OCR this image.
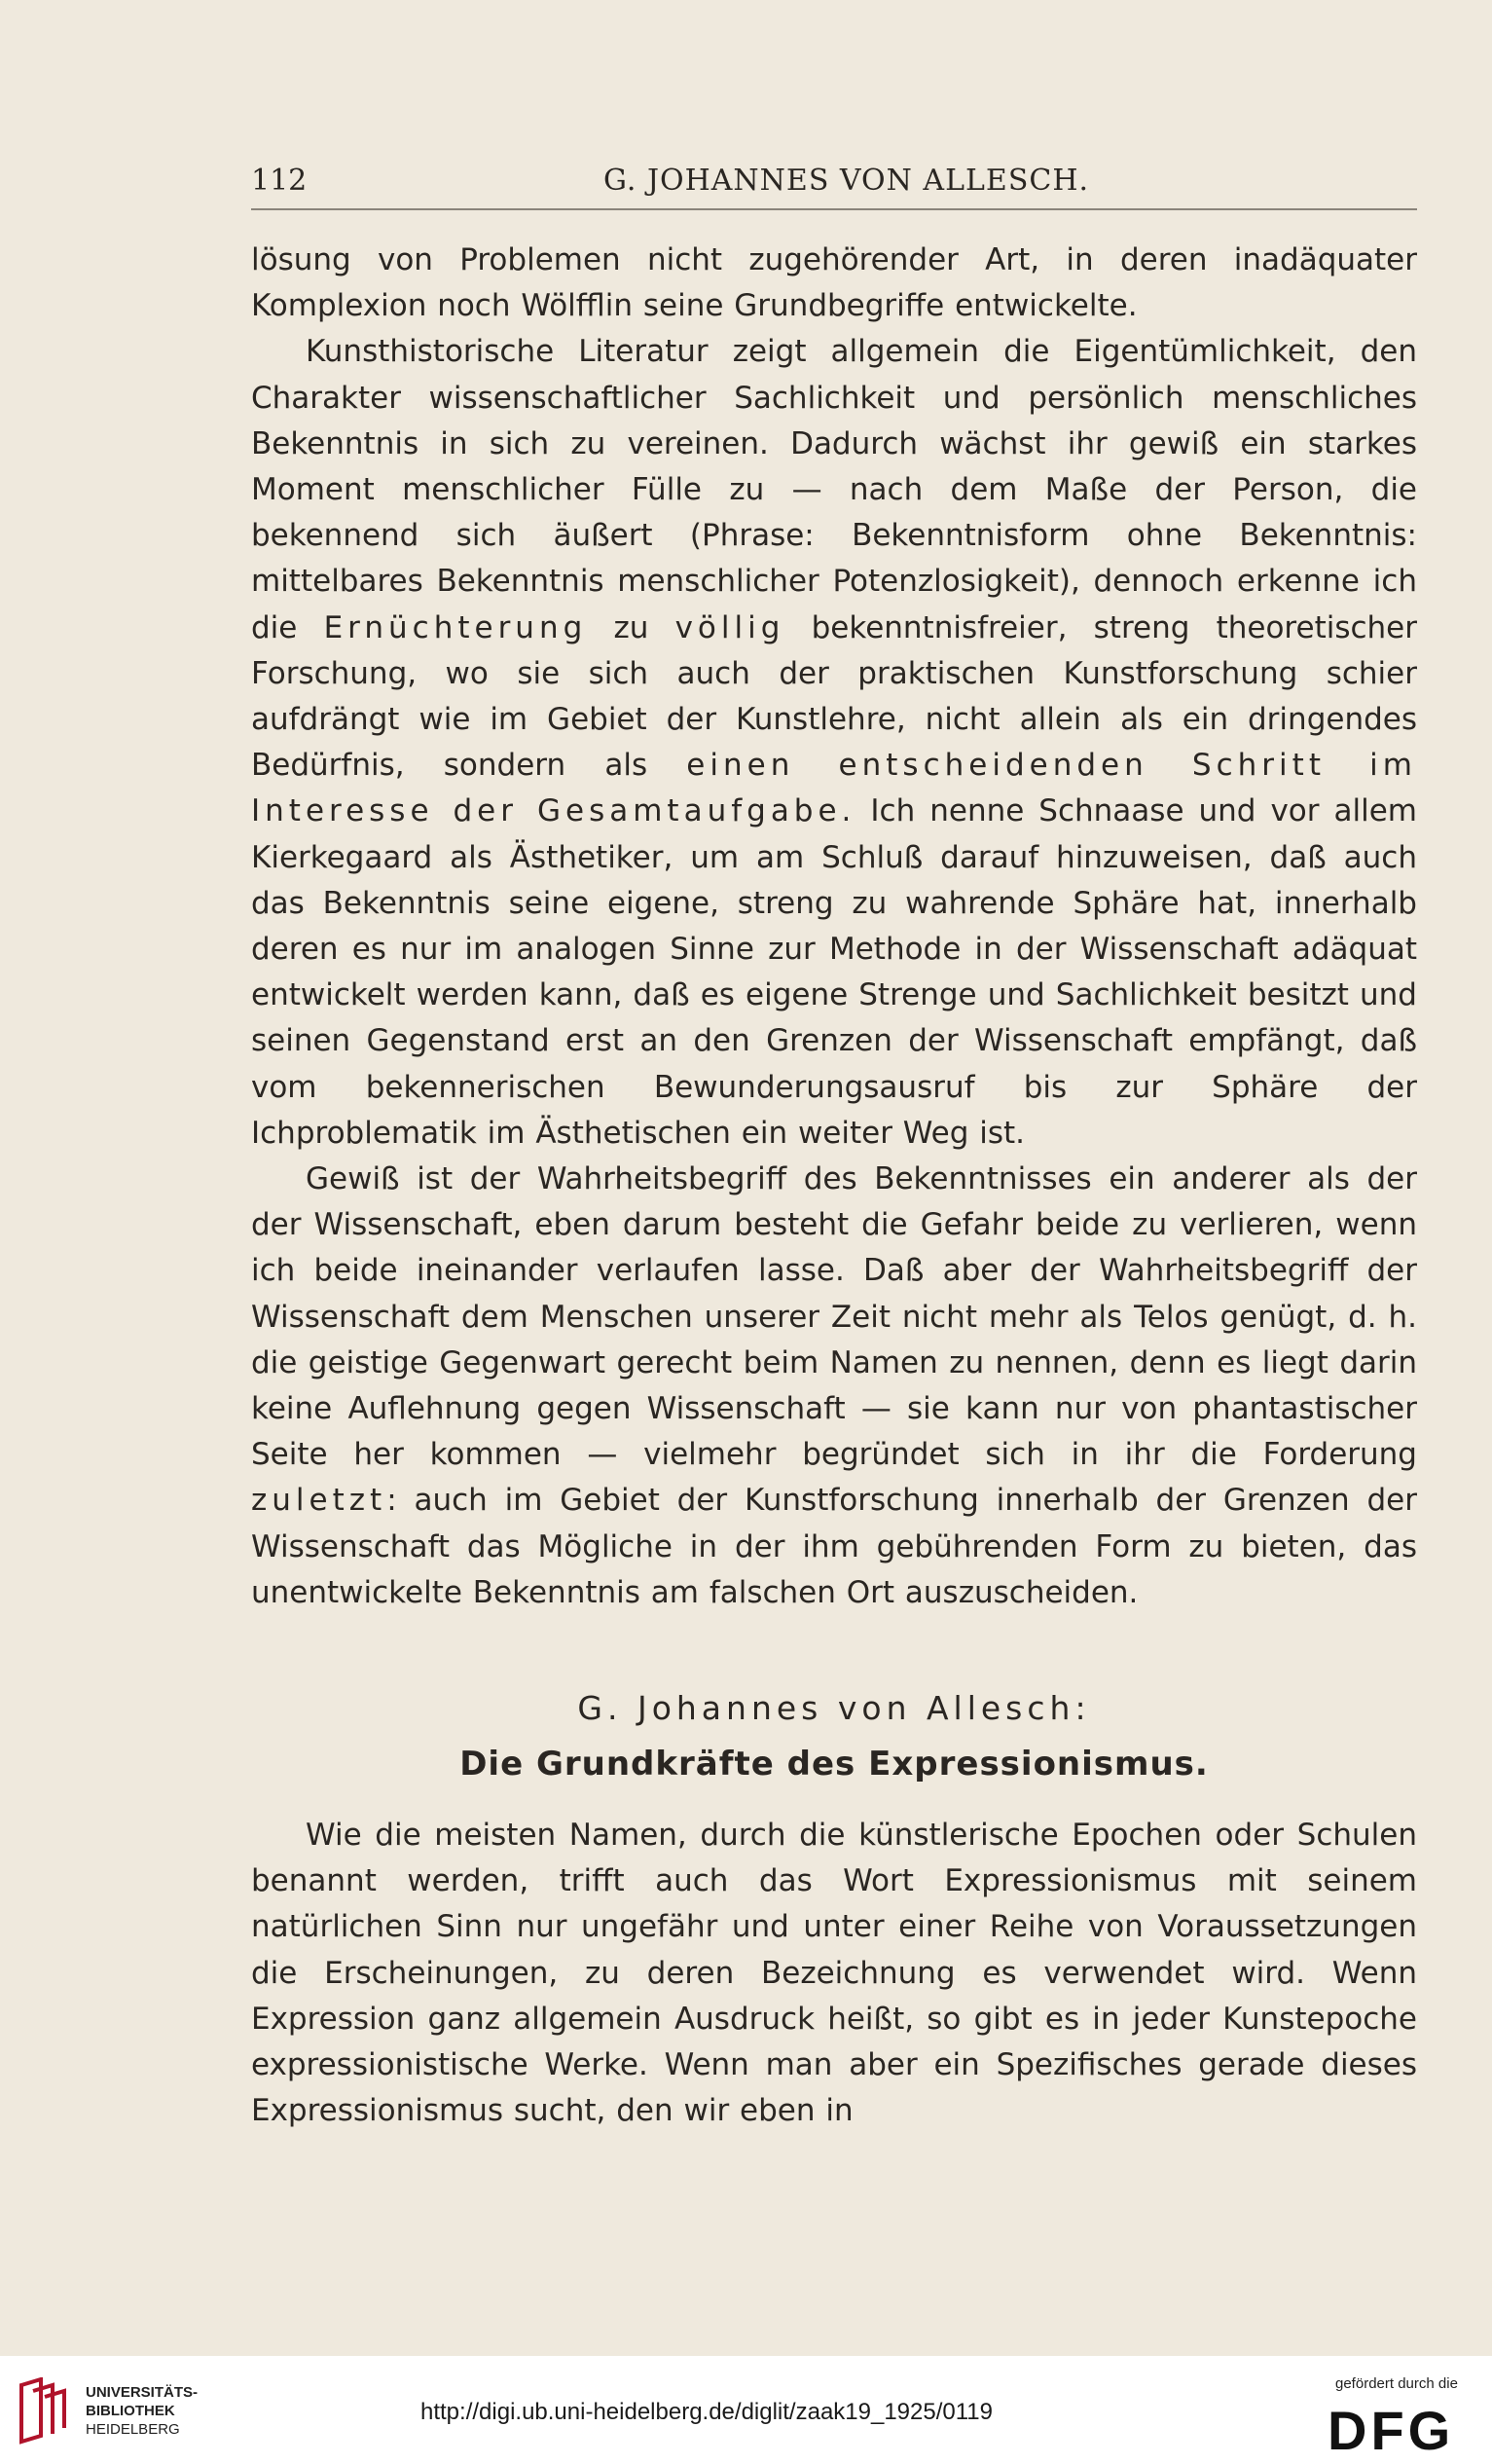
112	G. JOHANNES VON ALLESCH.

lösung von Problemen nicht zugehörender Art, in deren inadäquater Komplexion noch Wölfflin seine Grundbegriffe entwickelte.

Kunsthistorische Literatur zeigt allgemein die Eigentümlichkeit, den Charakter wissenschaftlicher Sachlichkeit und persönlich menschliches Bekenntnis in sich zu vereinen. Dadurch wächst ihr gewiß ein starkes Moment menschlicher Fülle zu — nach dem Maße der Person, die bekennend sich äußert (Phrase: Bekenntnisform ohne Bekenntnis: mittelbares Bekenntnis menschlicher Potenzlosigkeit), dennoch erkenne ich die Ernüchterung zu völlig bekenntnisfreier, streng theoretischer Forschung, wo sie sich auch der praktischen Kunstforschung schier aufdrängt wie im Gebiet der Kunstlehre, nicht allein als ein dringendes Bedürfnis, sondern als einen entscheidenden Schritt im Interesse der Gesamtaufgabe. Ich nenne Schnaase und vor allem Kierkegaard als Ästhetiker, um am Schluß darauf hinzuweisen, daß auch das Bekenntnis seine eigene, streng zu wahrende Sphäre hat, innerhalb deren es nur im analogen Sinne zur Methode in der Wissenschaft adäquat entwickelt werden kann, daß es eigene Strenge und Sachlichkeit besitzt und seinen Gegenstand erst an den Grenzen der Wissenschaft empfängt, daß vom bekennerischen Bewunderungsausruf bis zur Sphäre der Ichproblematik im Ästhetischen ein weiter Weg ist.

Gewiß ist der Wahrheitsbegriff des Bekenntnisses ein anderer als der der Wissenschaft, eben darum besteht die Gefahr beide zu verlieren, wenn ich beide ineinander verlaufen lasse. Daß aber der Wahrheitsbegriff der Wissenschaft dem Menschen unserer Zeit nicht mehr als Telos genügt, d. h. die geistige Gegenwart gerecht beim Namen zu nennen, denn es liegt darin keine Auflehnung gegen Wissenschaft — sie kann nur von phantastischer Seite her kommen — vielmehr begründet sich in ihr die Forderung zuletzt: auch im Gebiet der Kunstforschung innerhalb der Grenzen der Wissenschaft das Mögliche in der ihm gebührenden Form zu bieten, das unentwickelte Bekenntnis am falschen Ort auszuscheiden.

G. Johannes von Allesch:

Die Grundkräfte des Expressionismus.

Wie die meisten Namen, durch die künstlerische Epochen oder Schulen benannt werden, trifft auch das Wort Expressionismus mit seinem natürlichen Sinn nur ungefähr und unter einer Reihe von Voraussetzungen die Erscheinungen, zu deren Bezeichnung es verwendet wird. Wenn Expression ganz allgemein Ausdruck heißt, so gibt es in jeder Kunstepoche expressionistische Werke. Wenn man aber ein Spezifisches gerade dieses Expressionismus sucht, den wir eben in

UNIVERSITÄTS-
BIBLIOTHEK
HEIDELBERG
http://digi.ub.uni-heidelberg.de/diglit/zaak19_1925/0119
gefördert durch die
DFG
